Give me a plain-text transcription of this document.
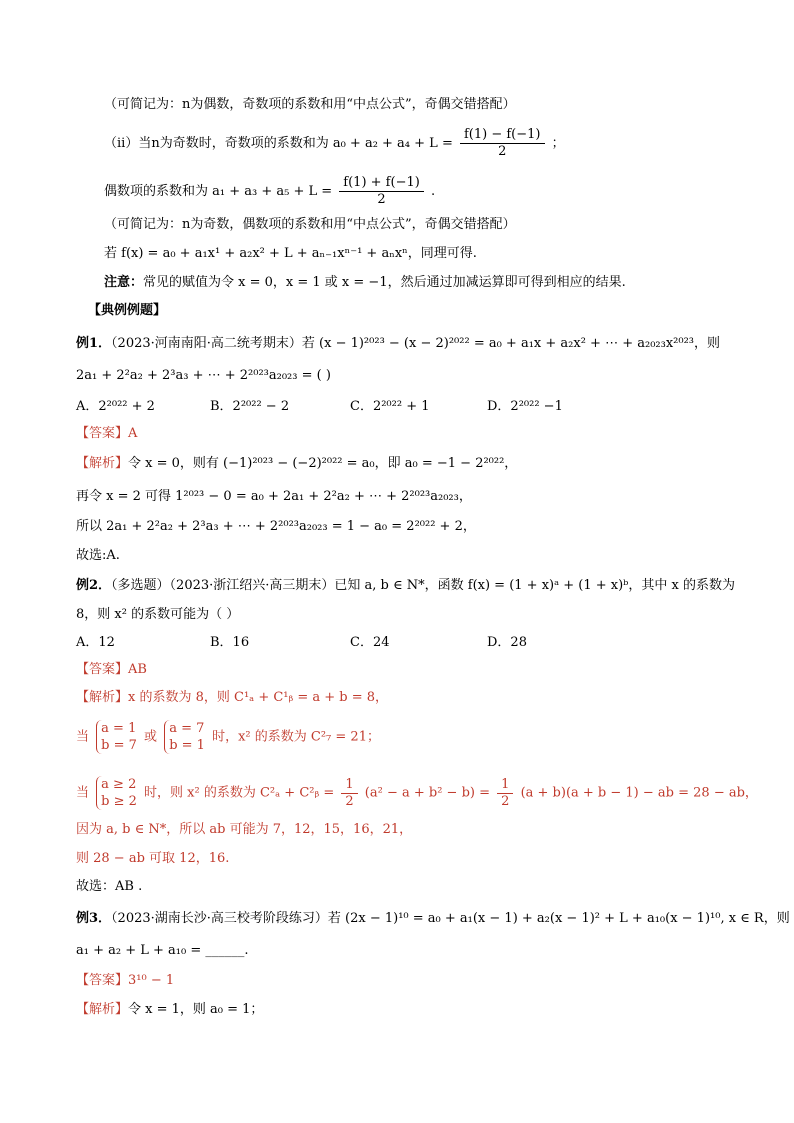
（可简记为：n为偶数，奇数项的系数和用“中点公式”，奇偶交错搭配）
（ii）当n为奇数时，奇数项的系数和为 $a_0 + a_2 + a_4 + L = \frac{f(1) - f(-1)}{2}$ ；
偶数项的系数和为 $a_1 + a_3 + a_5 + L = \frac{f(1) + f(-1)}{2}$ .
（可简记为：n为奇数，偶数项的系数和用“中点公式”，奇偶交错搭配）
若 f(x) = a₀ + a₁x¹ + a₂x² + L + aₙ₋₁xⁿ⁻¹ + aₙxⁿ，同理可得.
注意：常见的赋值为令 x = 0，x = 1 或 x = −1，然后通过加减运算即可得到相应的结果.
【典例例题】
例1．（2023·河南南阳·高二统考期末）若 (x − 1)²⁰²³ − (x − 2)²⁰²² = a₀ + a₁x + a₂x² + ⋯ + a₂₀₂₃x²⁰²³，则
2a₁ + 2²a₂ + 2³a₃ + ⋯ + 2²⁰²³a₂₀₂₃ = ( )
A．2²⁰²² + 2	B．2²⁰²² − 2	C．2²⁰²² + 1	D．2²⁰²² −1
【答案】A
【解析】令 x = 0，则有 (−1)²⁰²³ − (−2)²⁰²² = a₀，即 a₀ = −1 − 2²⁰²²，
再令 x = 2 可得 1²⁰²³ − 0 = a₀ + 2a₁ + 2²a₂ + ⋯ + 2²⁰²³a₂₀₂₃，
所以 2a₁ + 2²a₂ + 2³a₃ + ⋯ + 2²⁰²³a₂₀₂₃ = 1 − a₀ = 2²⁰²² + 2，
故选:A.
例2．（多选题）（2023·浙江绍兴·高三期末）已知 a, b ∈ N*，函数 f(x) = (1 + x)ᵃ + (1 + x)ᵇ，其中 x 的系数为
8，则 x² 的系数可能为（ ）
A．12	B．16	C．24	D．28
【答案】AB
【解析】x 的系数为 8，则 C¹ₐ + C¹ᵦ = a + b = 8，
当
a = 1
b = 7
或
a = 7
b = 1
时，x² 的系数为 C²₇ = 21；
当
a ≥ 2
b ≥ 2
时，则 x² 的系数为 C²ₐ + C²ᵦ = $\frac{1}{2} (a^2 - a + b^2 - b) = \frac{1}{2} (a + b)(a + b - 1)$ − ab = 28 − ab，
因为 a, b ∈ N*，所以 ab 可能为 7，12，15，16，21，
则 28 − ab 可取 12，16.
故选：AB .
例3．（2023·湖南长沙·高三校考阶段练习）若 (2x − 1)¹⁰ = a₀ + a₁(x − 1) + a₂(x − 1)² + L + a₁₀(x − 1)¹⁰, x ∈ R，则
a₁ + a₂ + L + a₁₀ = ______.
【答案】3¹⁰ − 1
【解析】令 x = 1，则 a₀ = 1；
